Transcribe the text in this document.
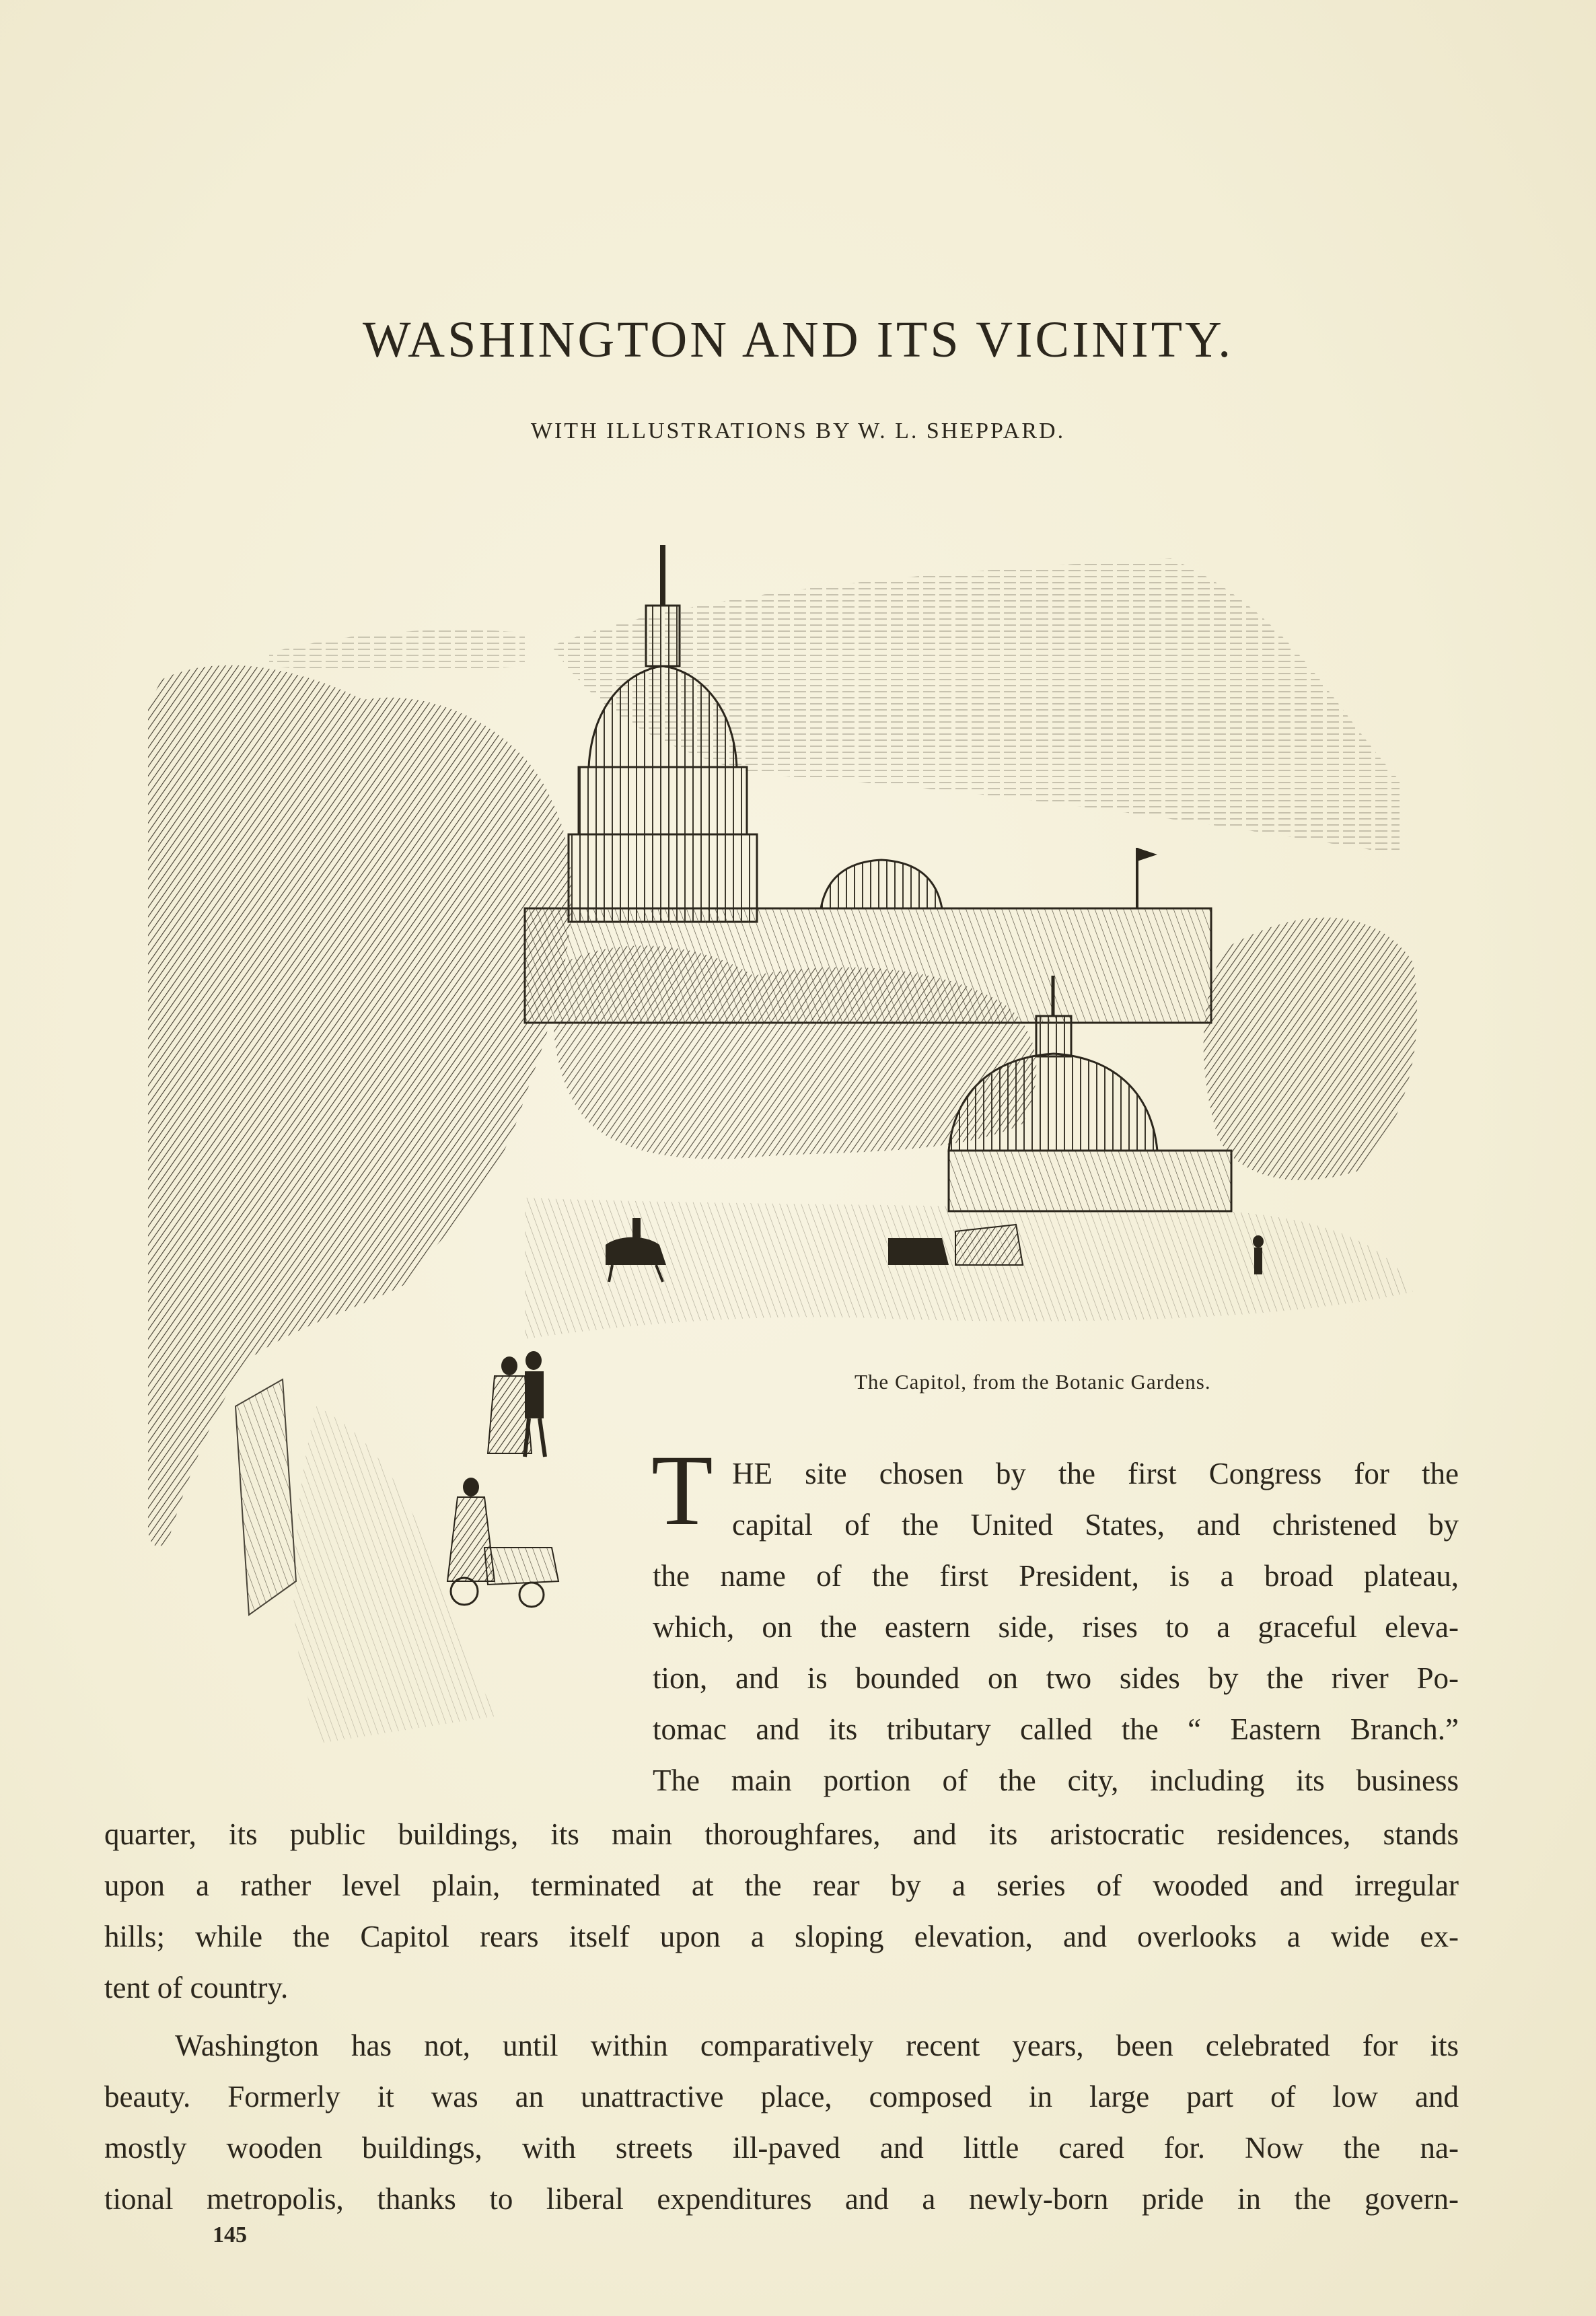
WASHINGTON AND ITS VICINITY.

WITH ILLUSTRATIONS BY W. L. SHEPPARD.

The Capitol, from the Botanic Gardens.

T HE site chosen by the first Congress for the
capital of the United States, and christened by
the name of the first President, is a broad plateau,
which, on the eastern side, rises to a graceful eleva-
tion, and is bounded on two sides by the river Po-
tomac and its tributary called the “ Eastern Branch.”
The main portion of the city, including its business
quarter, its public buildings, its main thoroughfares, and its aristocratic residences, stands
upon a rather level plain, terminated at the rear by a series of wooded and irregular
hills; while the Capitol rears itself upon a sloping elevation, and overlooks a wide ex-
tent of country.
Washington has not, until within comparatively recent years, been celebrated for its
beauty. Formerly it was an unattractive place, composed in large part of low and
mostly wooden buildings, with streets ill-paved and little cared for. Now the na-
tional metropolis, thanks to liberal expenditures and a newly-born pride in the govern-

145
